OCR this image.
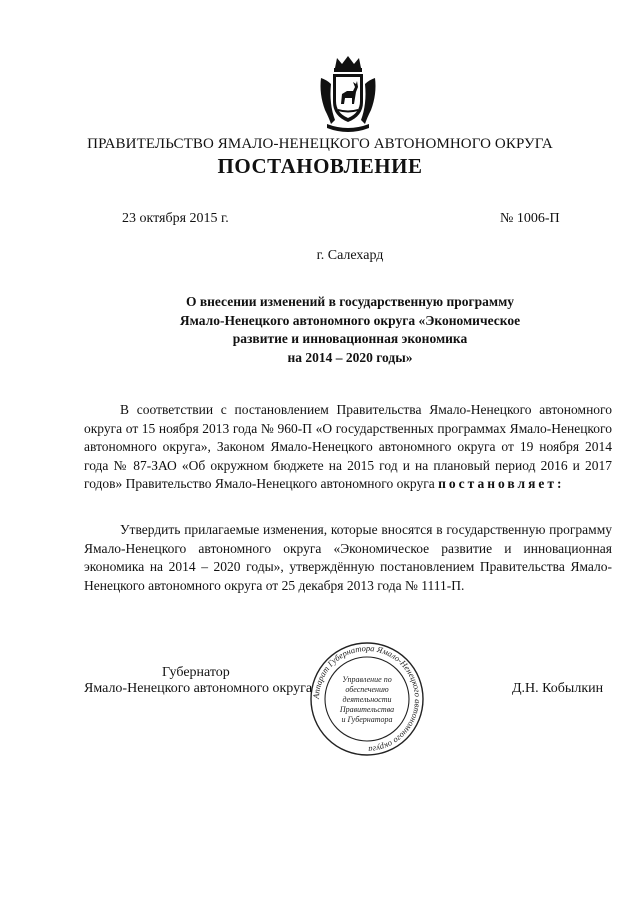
ПРАВИТЕЛЬСТВО ЯМАЛО-НЕНЕЦКОГО АВТОНОМНОГО ОКРУГА
ПОСТАНОВЛЕНИЕ
23 октября 2015 г.	№ 1006-П
г. Салехард
О внесении изменений в государственную программу
Ямало-Ненецкого автономного округа «Экономическое
развитие и инновационная экономика
на 2014 – 2020 годы»
В соответствии с постановлением Правительства Ямало-Ненецкого автономного округа от 15 ноября 2013 года № 960-П «О государственных программах Ямало-Ненецкого автономного округа», Законом Ямало-Ненецкого автономного округа от 19 ноября 2014 года № 87-ЗАО «Об окружном бюджете на 2015 год и на плановый период 2016 и 2017 годов» Правительство Ямало-Ненецкого автономного округа постановляет:
Утвердить прилагаемые изменения, которые вносятся в государственную программу Ямало-Ненецкого автономного округа «Экономическое развитие и инновационная экономика на 2014 – 2020 годы», утверждённую постановлением Правительства Ямало-Ненецкого автономного округа от 25 декабря 2013 года № 1111-П.
Аппарат Губернатора Ямало-Ненецкого автономного округа
Управление по
обеспечению
деятельности
Правительства
и Губернатора
Губернатор
Ямало-Ненецкого автономного округа	Д.Н. Кобылкин
